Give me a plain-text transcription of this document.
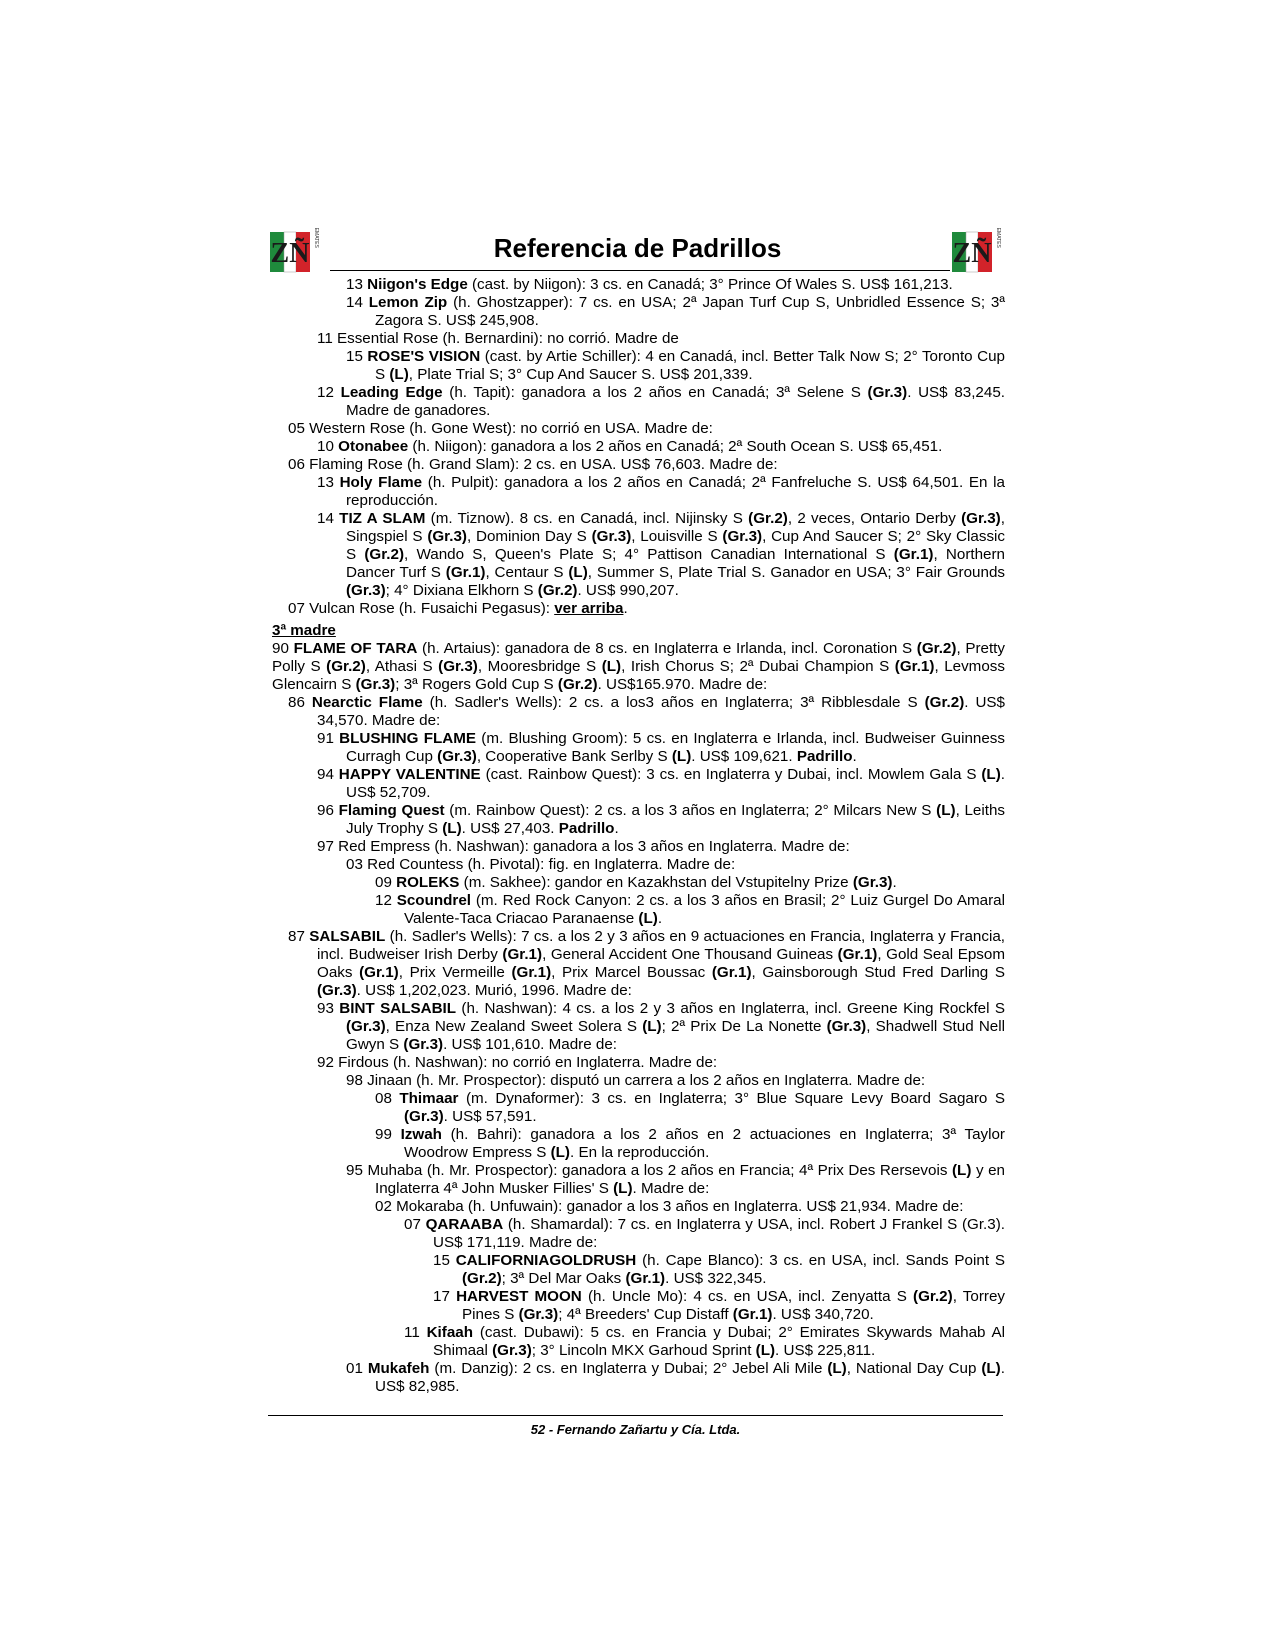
ZÑ
REMATES	Referencia de Padrillos	ZÑ
REMATES
13 Niigon's Edge (cast. by Niigon): 3 cs. en Canadá; 3° Prince Of Wales S. US$ 161,213.
14 Lemon Zip (h. Ghostzapper): 7 cs. en USA; 2ª Japan Turf Cup S, Unbridled Essence S; 3ª Zagora S. US$ 245,908.
11 Essential Rose (h. Bernardini): no corrió. Madre de
15 ROSE'S VISION (cast. by Artie Schiller): 4 en Canadá, incl. Better Talk Now S; 2° Toronto Cup S (L), Plate Trial S; 3° Cup And Saucer S. US$ 201,339.
12 Leading Edge (h. Tapit): ganadora a los 2 años en Canadá; 3ª Selene S (Gr.3). US$ 83,245. Madre de ganadores.
05 Western Rose (h. Gone West): no corrió en USA. Madre de:
10 Otonabee (h. Niigon): ganadora a los 2 años en Canadá; 2ª South Ocean S. US$ 65,451.
06 Flaming Rose (h. Grand Slam): 2 cs. en USA. US$ 76,603. Madre de:
13 Holy Flame (h. Pulpit): ganadora a los 2 años en Canadá; 2ª Fanfreluche S. US$ 64,501. En la reproducción.
14 TIZ A SLAM (m. Tiznow). 8 cs. en Canadá, incl. Nijinsky S (Gr.2), 2 veces, Ontario Derby (Gr.3), Singspiel S (Gr.3), Dominion Day S (Gr.3), Louisville S (Gr.3), Cup And Saucer S; 2° Sky Classic S (Gr.2), Wando S, Queen's Plate S; 4° Pattison Canadian International S (Gr.1), Northern Dancer Turf S (Gr.1), Centaur S (L), Summer S, Plate Trial S. Ganador en USA; 3° Fair Grounds (Gr.3); 4° Dixiana Elkhorn S (Gr.2). US$ 990,207.
07 Vulcan Rose (h. Fusaichi Pegasus): ver arriba.
3ª madre
90 FLAME OF TARA (h. Artaius): ganadora de 8 cs. en Inglaterra e Irlanda, incl. Coronation S (Gr.2), Pretty Polly S (Gr.2), Athasi S (Gr.3), Mooresbridge S (L), Irish Chorus S; 2ª Dubai Champion S (Gr.1), Levmoss Glencairn S (Gr.3); 3ª Rogers Gold Cup S (Gr.2). US$165.970. Madre de:
86 Nearctic Flame (h. Sadler's Wells): 2 cs. a los3 años en Inglaterra; 3ª Ribblesdale S (Gr.2). US$ 34,570. Madre de:
91 BLUSHING FLAME (m. Blushing Groom): 5 cs. en Inglaterra e Irlanda, incl. Budweiser Guinness Curragh Cup (Gr.3), Cooperative Bank Serlby S (L). US$ 109,621. Padrillo.
94 HAPPY VALENTINE (cast. Rainbow Quest): 3 cs. en Inglaterra y Dubai, incl. Mowlem Gala S (L). US$ 52,709.
96 Flaming Quest (m. Rainbow Quest): 2 cs. a los 3 años en Inglaterra; 2° Milcars New S (L), Leiths July Trophy S (L). US$ 27,403. Padrillo.
97 Red Empress (h. Nashwan): ganadora a los 3 años en Inglaterra. Madre de:
03 Red Countess (h. Pivotal): fig. en Inglaterra. Madre de:
09 ROLEKS (m. Sakhee): gandor en Kazakhstan del Vstupitelny Prize (Gr.3).
12 Scoundrel (m. Red Rock Canyon: 2 cs. a los 3 años en Brasil; 2° Luiz Gurgel Do Amaral Valente-Taca Criacao Paranaense (L).
87 SALSABIL (h. Sadler's Wells): 7 cs. a los 2 y 3 años en 9 actuaciones en Francia, Inglaterra y Francia, incl. Budweiser Irish Derby (Gr.1), General Accident One Thousand Guineas (Gr.1), Gold Seal Epsom Oaks (Gr.1), Prix Vermeille (Gr.1), Prix Marcel Boussac (Gr.1), Gainsborough Stud Fred Darling S (Gr.3). US$ 1,202,023. Murió, 1996. Madre de:
93 BINT SALSABIL (h. Nashwan): 4 cs. a los 2 y 3 años en Inglaterra, incl. Greene King Rockfel S (Gr.3), Enza New Zealand Sweet Solera S (L); 2ª Prix De La Nonette (Gr.3), Shadwell Stud Nell Gwyn S (Gr.3). US$ 101,610. Madre de:
92 Firdous (h. Nashwan): no corrió en Inglaterra. Madre de:
98 Jinaan (h. Mr. Prospector): disputó un carrera a los 2 años en Inglaterra. Madre de:
08 Thimaar (m. Dynaformer): 3 cs. en Inglaterra; 3° Blue Square Levy Board Sagaro S (Gr.3). US$ 57,591.
99 Izwah (h. Bahri): ganadora a los 2 años en 2 actuaciones en Inglaterra; 3ª Taylor Woodrow Empress S (L). En la reproducción.
95 Muhaba (h. Mr. Prospector): ganadora a los 2 años en Francia; 4ª Prix Des Rersevois (L) y en Inglaterra 4ª John Musker Fillies' S (L). Madre de:
02 Mokaraba (h. Unfuwain): ganador a los 3 años en Inglaterra. US$ 21,934. Madre de:
07 QARAABA (h. Shamardal): 7 cs. en Inglaterra y USA, incl. Robert J Frankel S (Gr.3). US$ 171,119. Madre de:
15 CALIFORNIAGOLDRUSH (h. Cape Blanco): 3 cs. en USA, incl. Sands Point S (Gr.2); 3ª Del Mar Oaks (Gr.1). US$ 322,345.
17 HARVEST MOON (h. Uncle Mo): 4 cs. en USA, incl. Zenyatta S (Gr.2), Torrey Pines S (Gr.3); 4ª Breeders' Cup Distaff (Gr.1). US$ 340,720.
11 Kifaah (cast. Dubawi): 5 cs. en Francia y Dubai; 2° Emirates Skywards Mahab Al Shimaal (Gr.3); 3° Lincoln MKX Garhoud Sprint (L). US$ 225,811.
01 Mukafeh (m. Danzig): 2 cs. en Inglaterra y Dubai; 2° Jebel Ali Mile (L), National Day Cup (L). US$ 82,985.
52 - Fernando Zañartu y Cía. Ltda.
